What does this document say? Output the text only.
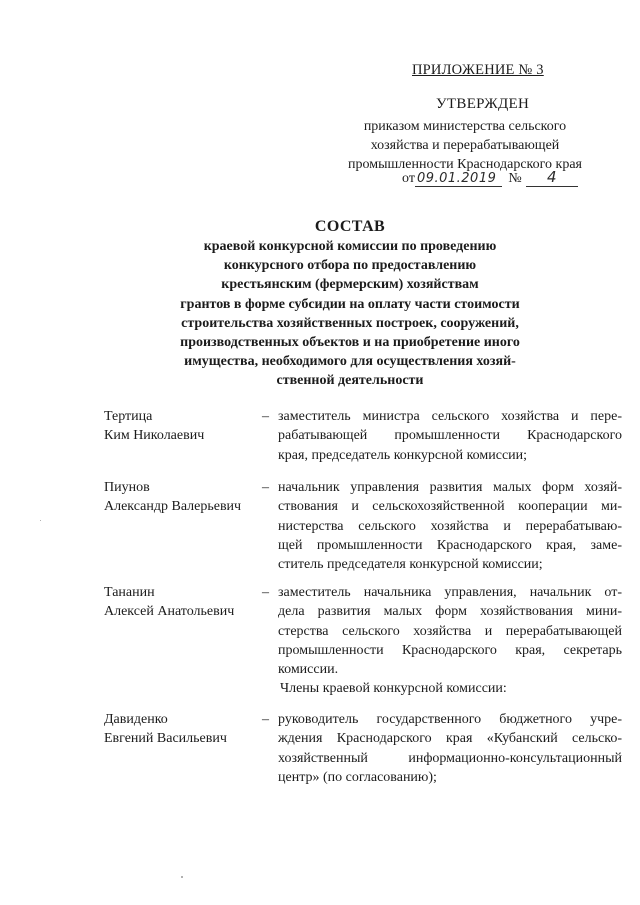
ПРИЛОЖЕНИЕ № 3
УТВЕРЖДЕН
приказом министерства сельского
хозяйства и перерабатывающей
промышленности Краснодарского края
от 09.01.2019 №	4
СОСТАВ
краевой конкурсной комиссии по проведению
конкурсного отбора по предоставлению
крестьянским (фермерским) хозяйствам
грантов в форме субсидии на оплату части стоимости
строительства хозяйственных построек, сооружений,
производственных объектов и на приобретение иного
имущества, необходимого для осуществления хозяй-
ственной деятельности
Тертица
Ким Николаевич
– заместитель министра сельского хозяйства и пере-
рабатывающей промышленности Краснодарского
края, председатель конкурсной комиссии;
Пиунов
Александр Валерьевич
– начальник управления развития малых форм хозяй-
ствования и сельскохозяйственной кооперации ми-
нистерства сельского хозяйства и перерабатываю-
щей промышленности Краснодарского края, заме-
ститель председателя конкурсной комиссии;
Тананин
Алексей Анатольевич
– заместитель начальника управления, начальник от-
дела развития малых форм хозяйствования мини-
стерства сельского хозяйства и перерабатывающей
промышленности Краснодарского края, секретарь
комиссии.
Члены краевой конкурсной комиссии:
Давиденко
Евгений Васильевич
– руководитель государственного бюджетного учре-
ждения Краснодарского края «Кубанский сельско-
хозяйственный информационно-консультационный
центр» (по согласованию);
